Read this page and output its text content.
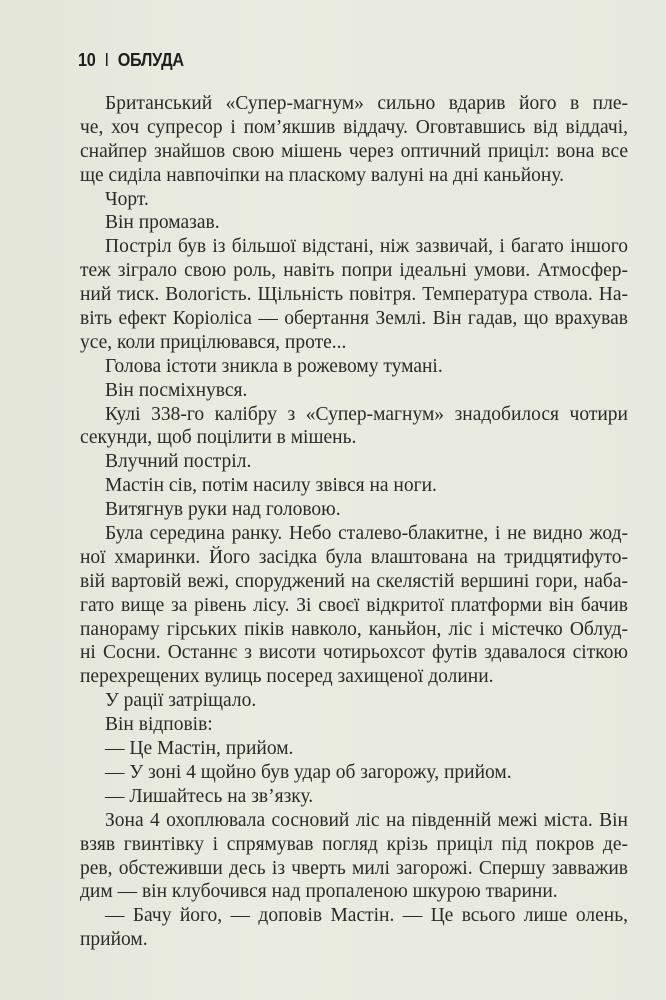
10 I ОБЛУДА
Британський «Супер-магнум» сильно вдарив його в пле-
че, хоч супресор і пом’якшив віддачу. Оговтавшись від віддачі,
снайпер знайшов свою мішень через оптичний приціл: вона все
ще сиділа навпочіпки на пласкому валуні на дні каньйону.
Чорт.
Він промазав.
Постріл був із більшої відстані, ніж зазвичай, і багато іншого
теж зіграло свою роль, навіть попри ідеальні умови. Атмосфер-
ний тиск. Вологість. Щільність повітря. Температура ствола. На-
віть ефект Коріоліса — обертання Землі. Він гадав, що врахував
усе, коли прицілювався, проте...
Голова істоти зникла в рожевому тумані.
Він посміхнувся.
Кулі 338-го калібру з «Супер-магнум» знадобилося чотири
секунди, щоб поцілити в мішень.
Влучний постріл.
Мастін сів, потім насилу звівся на ноги.
Витягнув руки над головою.
Була середина ранку. Небо сталево-блакитне, і не видно жод-
ної хмаринки. Його засідка була влаштована на тридцятифуто-
вій вартовій вежі, споруджений на скелястій вершині гори, наба-
гато вище за рівень лісу. Зі своєї відкритої платформи він бачив
панораму гірських піків навколо, каньйон, ліс і містечко Облуд-
ні Сосни. Останнє з висоти чотирьохсот футів здавалося сіткою
перехрещених вулиць посеред захищеної долини.
У рації затріщало.
Він відповів:
— Це Мастін, прийом.
— У зоні 4 щойно був удар об загорожу, прийом.
— Лишайтесь на зв’язку.
Зона 4 охоплювала сосновий ліс на південній межі міста. Він
взяв гвинтівку і спрямував погляд крізь приціл під покров де-
рев, обстеживши десь із чверть милі загорожі. Спершу завважив
дим — він клубочився над пропаленою шкурою тварини.
— Бачу його, — доповів Мастін. — Це всього лише олень,
прийом.
